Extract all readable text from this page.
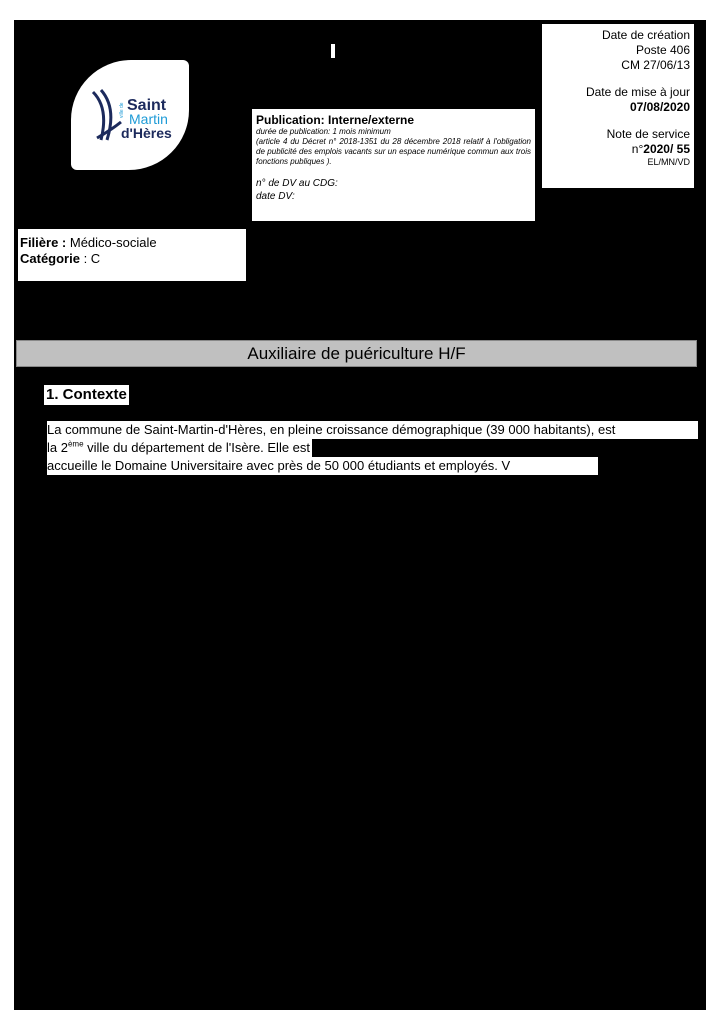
ville de Saint
Martin
d'Hères
Publication: Interne/externe
durée de publication: 1 mois minimum
(article 4 du Décret n° 2018-1351 du 28 décembre 2018 relatif à l'obligation de publicité des emplois vacants sur un espace numérique commun aux trois fonctions publiques ).
n° de DV au CDG:
date DV:
Date de création
Poste 406
CM 27/06/13
Date de mise à jour
07/08/2020
Note de service
n°2020/ 55
EL/MN/VD
Filière : Médico-sociale
Catégorie : C
Auxiliaire de puériculture H/F
1. Contexte
La commune de Saint-Martin-d'Hères, en pleine croissance démographique (39 000 habitants), est
la 2ème ville du département de l'Isère. Elle est
accueille le Domaine Universitaire avec près de 50 000 étudiants et employés. V
